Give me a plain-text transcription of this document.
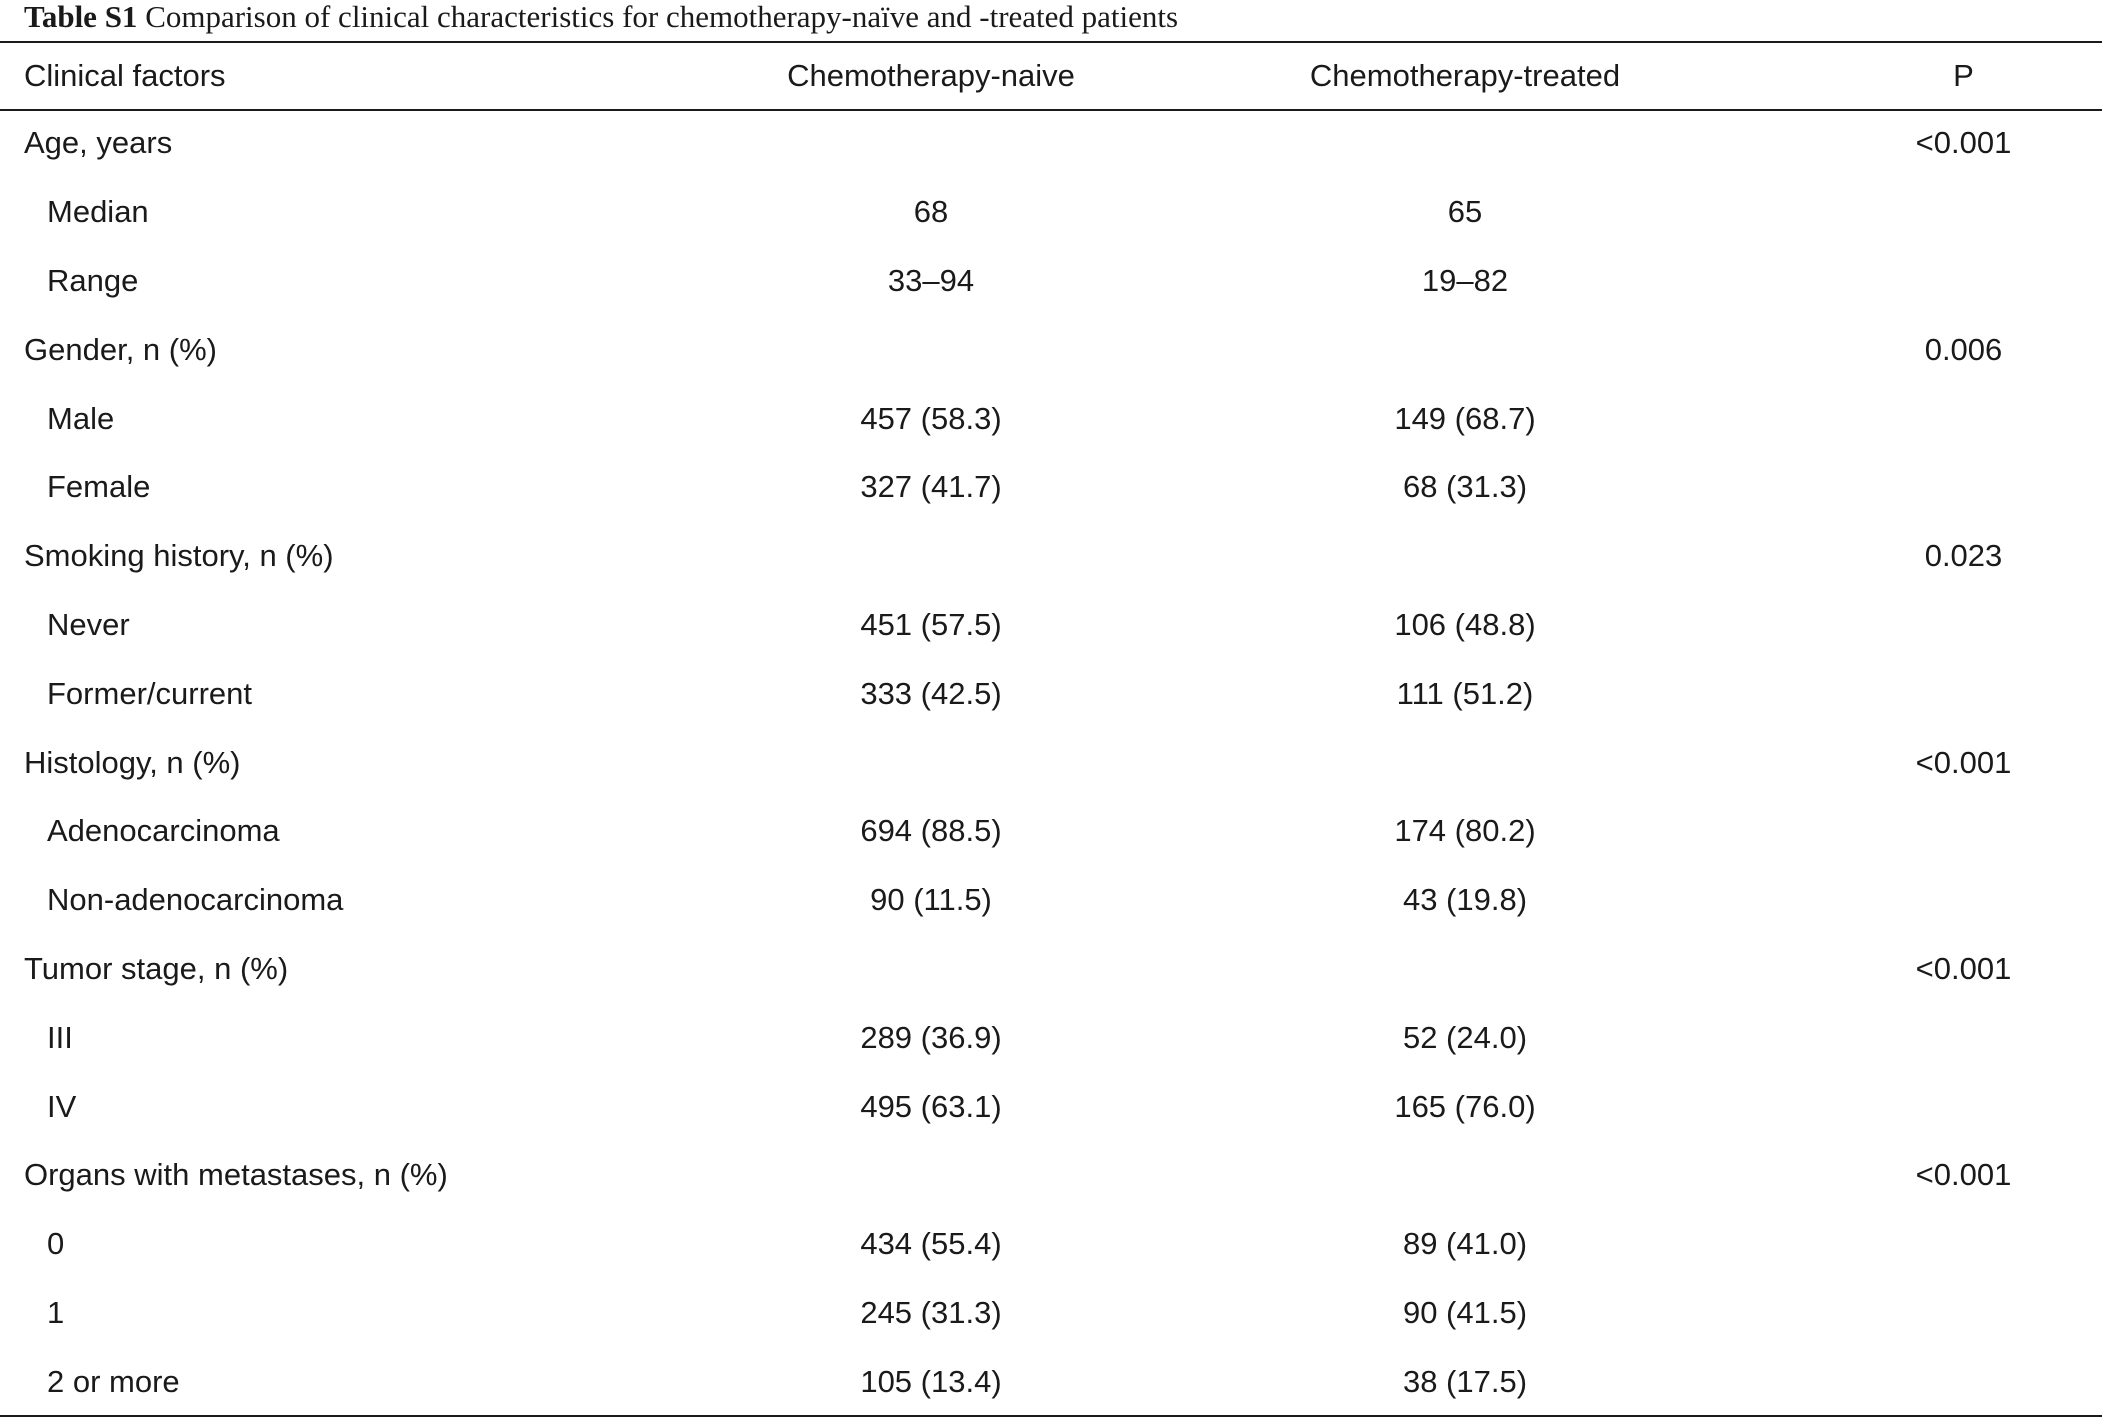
Table S1 Comparison of clinical characteristics for chemotherapy-naïve and -treated patients
Clinical factors	Chemotherapy-naive	Chemotherapy-treated	P
Age, years			<0.001
Median	68	65	
Range	33–94	19–82	
Gender, n (%)			0.006
Male	457 (58.3)	149 (68.7)	
Female	327 (41.7)	68 (31.3)	
Smoking history, n (%)			0.023
Never	451 (57.5)	106 (48.8)	
Former/current	333 (42.5)	111 (51.2)	
Histology, n (%)			<0.001
Adenocarcinoma	694 (88.5)	174 (80.2)	
Non-adenocarcinoma	90 (11.5)	43 (19.8)	
Tumor stage, n (%)			<0.001
III	289 (36.9)	52 (24.0)	
IV	495 (63.1)	165 (76.0)	
Organs with metastases, n (%)			<0.001
0	434 (55.4)	89 (41.0)	
1	245 (31.3)	90 (41.5)	
2 or more	105 (13.4)	38 (17.5)	
